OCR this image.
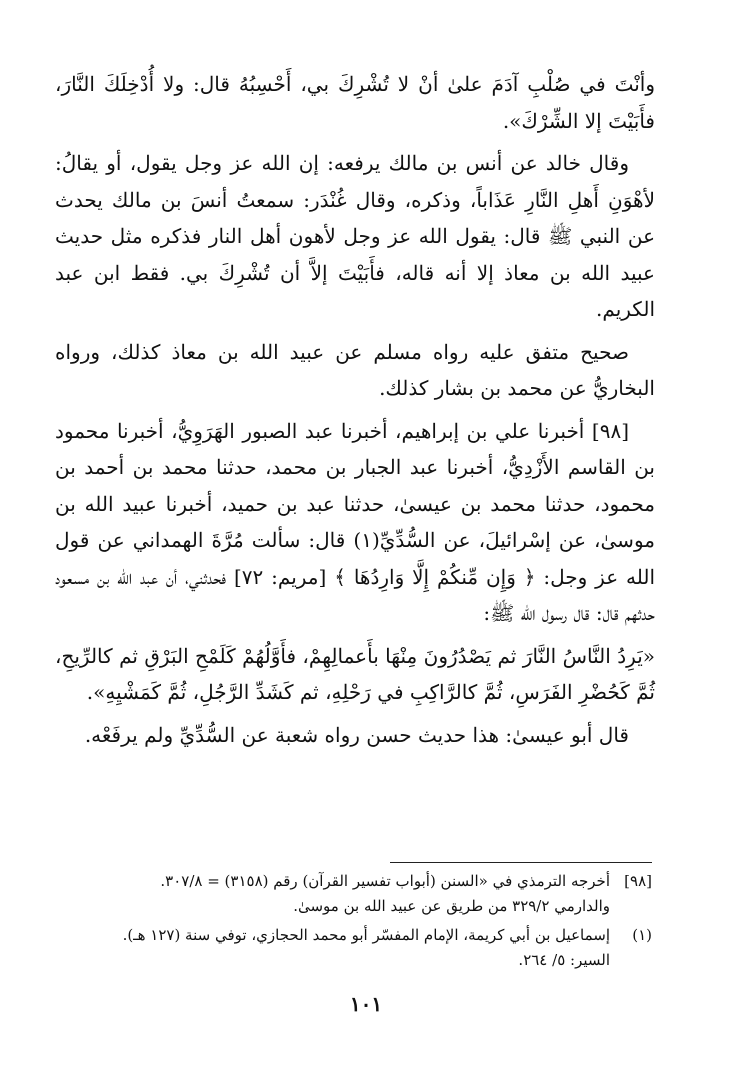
وأنْتَ في صُلْبِ آدَمَ علىٰ أنْ لا تُشْرِكَ بي، أَحْسِبُهُ قال: ولا أُدْخِلَكَ النَّارَ، فأَبَيْتَ إلا الشِّرْكَ».

وقال خالد عن أنس بن مالك يرفعه: إن الله عز وجل يقول، أو يقالُ: لأهْوَنِ أَهلِ النَّارِ عَذَاباً، وذكره، وقال غُنْدَر: سمعتُ أنسَ بن مالك يحدث عن النبي ﷺ قال: يقول الله عز وجل لأهون أهل النار فذكره مثل حديث عبيد الله بن معاذ إلا أنه قاله، فأَبَيْتَ إلاَّ أن تُشْرِكَ بي. فقط ابن عبد الكريم.

صحيح متفق عليه رواه مسلم عن عبيد الله بن معاذ كذلك، ورواه البخاريُّ عن محمد بن بشار كذلك.

[٩٨] أخبرنا علي بن إبراهيم، أخبرنا عبد الصبور الهَرَوِيُّ، أخبرنا محمود بن القاسم الأَزْدِيُّ، أخبرنا عبد الجبار بن محمد، حدثنا محمد بن أحمد بن محمود، حدثنا محمد بن عيسىٰ، حدثنا عبد بن حميد، أخبرنا عبيد الله بن موسىٰ، عن إسْرائيلَ، عن السُّدِّيِّ(١) قال: سألت مُرَّةَ الهمداني عن قول الله عز وجل: ﴿ وَإِن مِّنكُمْ إِلَّا وَارِدُهَا ﴾ [مريم: ٧٢] فحدثني، أن عبد الله بن مسعود حدثهم قال: قال رسول الله ﷺ:

«يَرِدُ النَّاسُ النَّارَ ثم يَصْدُرُونَ مِنْهَا بأَعمالِهِمْ، فأَوَّلُهُمْ كَلَمْحِ البَرْقِ ثم كالرِّيحِ، ثُمَّ كَحُضْرِ الفَرَسِ، ثُمَّ كالرَّاكِبِ في رَحْلِهِ، ثم كَشَدِّ الرَّجُلِ، ثُمَّ كَمَشْيِهِ».

قال أبو عيسىٰ: هذا حديث حسن رواه شعبة عن السُّدِّيِّ ولم يرفَعْه.

[٩٨]
أخرجه الترمذي في «السنن (أبواب تفسير القرآن) رقم (٣١٥٨) = ٣٠٧/٨.
والدارمي ٣٢٩/٢ من طريق عن عبيد الله بن موسىٰ.
(١)
إسماعيل بن أبي كريمة، الإمام المفسّر أبو محمد الحجازي، توفي سنة (١٢٧ هـ).
السير: ٥/ ٢٦٤.
١٠١
